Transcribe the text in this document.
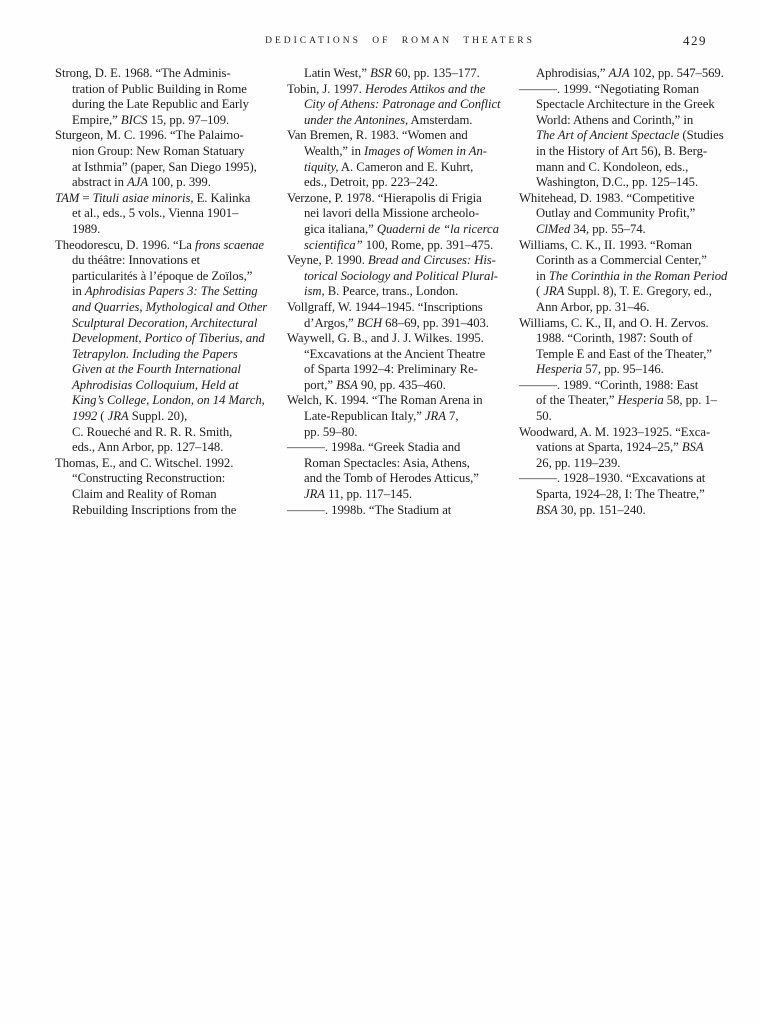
DEDICATIONS OF ROMAN THEATERS	429
Strong, D. E. 1968. “The Adminis-
tration of Public Building in Rome
during the Late Republic and Early
Empire,” BICS 15, pp. 97–109.
Sturgeon, M. C. 1996. “The Palaimo-
nion Group: New Roman Statuary
at Isthmia” (paper, San Diego 1995),
abstract in AJA 100, p. 399.
TAM = Tituli asiae minoris, E. Kalinka
et al., eds., 5 vols., Vienna 1901–
1989.
Theodorescu, D. 1996. “La frons scaenae
du théâtre: Innovations et
particularités à l’époque de Zoïlos,”
in Aphrodisias Papers 3: The Setting
and Quarries, Mythological and Other
Sculptural Decoration, Architectural
Development, Portico of Tiberius, and
Tetrapylon. Including the Papers
Given at the Fourth International
Aphrodisias Colloquium, Held at
King’s College, London, on 14 March,
1992 ( JRA Suppl. 20),
C. Roueché and R. R. R. Smith,
eds., Ann Arbor, pp. 127–148.
Thomas, E., and C. Witschel. 1992.
“Constructing Reconstruction:
Claim and Reality of Roman
Rebuilding Inscriptions from the
Latin West,” BSR 60, pp. 135–177.
Tobin, J. 1997. Herodes Attikos and the
City of Athens: Patronage and Conflict
under the Antonines, Amsterdam.
Van Bremen, R. 1983. “Women and
Wealth,” in Images of Women in An-
tiquity, A. Cameron and E. Kuhrt,
eds., Detroit, pp. 223–242.
Verzone, P. 1978. “Hierapolis di Frigia
nei lavori della Missione archeolo-
gica italiana,” Quaderni de “la ricerca
scientifica” 100, Rome, pp. 391–475.
Veyne, P. 1990. Bread and Circuses: His-
torical Sociology and Political Plural-
ism, B. Pearce, trans., London.
Vollgraff, W. 1944–1945. “Inscriptions
d’Argos,” BCH 68–69, pp. 391–403.
Waywell, G. B., and J. J. Wilkes. 1995.
“Excavations at the Ancient Theatre
of Sparta 1992–4: Preliminary Re-
port,” BSA 90, pp. 435–460.
Welch, K. 1994. “The Roman Arena in
Late-Republican Italy,” JRA 7,
pp. 59–80.
———. 1998a. “Greek Stadia and
Roman Spectacles: Asia, Athens,
and the Tomb of Herodes Atticus,”
JRA 11, pp. 117–145.
———. 1998b. “The Stadium at
Aphrodisias,” AJA 102, pp. 547–569.
———. 1999. “Negotiating Roman
Spectacle Architecture in the Greek
World: Athens and Corinth,” in
The Art of Ancient Spectacle (Studies
in the History of Art 56), B. Berg-
mann and C. Kondoleon, eds.,
Washington, D.C., pp. 125–145.
Whitehead, D. 1983. “Competitive
Outlay and Community Profit,”
ClMed 34, pp. 55–74.
Williams, C. K., II. 1993. “Roman
Corinth as a Commercial Center,”
in The Corinthia in the Roman Period
( JRA Suppl. 8), T. E. Gregory, ed.,
Ann Arbor, pp. 31–46.
Williams, C. K., II, and O. H. Zervos.
1988. “Corinth, 1987: South of
Temple E and East of the Theater,”
Hesperia 57, pp. 95–146.
———. 1989. “Corinth, 1988: East
of the Theater,” Hesperia 58, pp. 1–
50.
Woodward, A. M. 1923–1925. “Exca-
vations at Sparta, 1924–25,” BSA
26, pp. 119–239.
———. 1928–1930. “Excavations at
Sparta, 1924–28, I: The Theatre,”
BSA 30, pp. 151–240.
